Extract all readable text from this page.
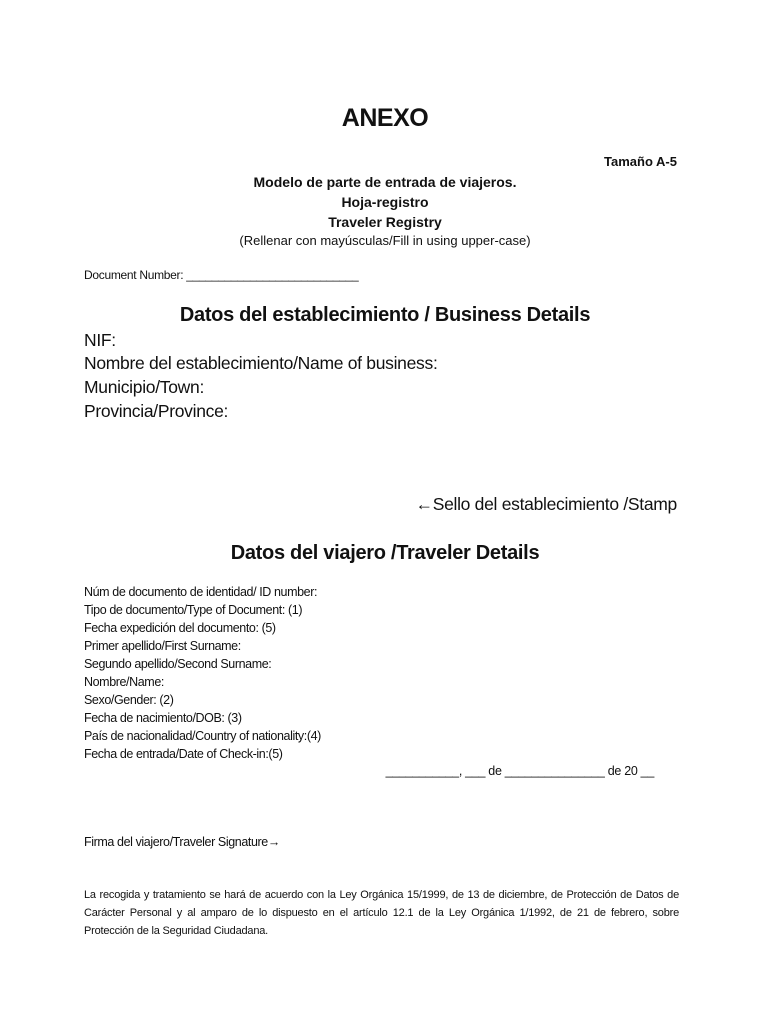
ANEXO
Tamaño A-5
Modelo de parte de entrada de viajeros.
Hoja-registro
Traveler Registry
(Rellenar con mayúsculas/Fill in using upper-case)
Document Number: ___________________________
Datos del establecimiento / Business Details
NIF:
Nombre del establecimiento/Name of business:
Municipio/Town:
Provincia/Province:
←Sello del establecimiento /Stamp
Datos del viajero /Traveler Details
Núm de documento de identidad/ ID number:
Tipo de documento/Type of Document: (1)
Fecha expedición del documento: (5)
Primer apellido/First Surname:
Segundo apellido/Second Surname:
Nombre/Name:
Sexo/Gender: (2)
Fecha de nacimiento/DOB: (3)
País de nacionalidad/Country of nationality:(4)
Fecha de entrada/Date of Check-in:(5)
___________, ___ de _______________ de 20 __
Firma del viajero/Traveler Signature→
La recogida y tratamiento se hará de acuerdo con la Ley Orgánica 15/1999, de 13 de diciembre, de Protección de Datos de Carácter Personal y al amparo de lo dispuesto en el artículo 12.1 de la Ley Orgánica 1/1992, de 21 de febrero, sobre Protección de la Seguridad Ciudadana.
